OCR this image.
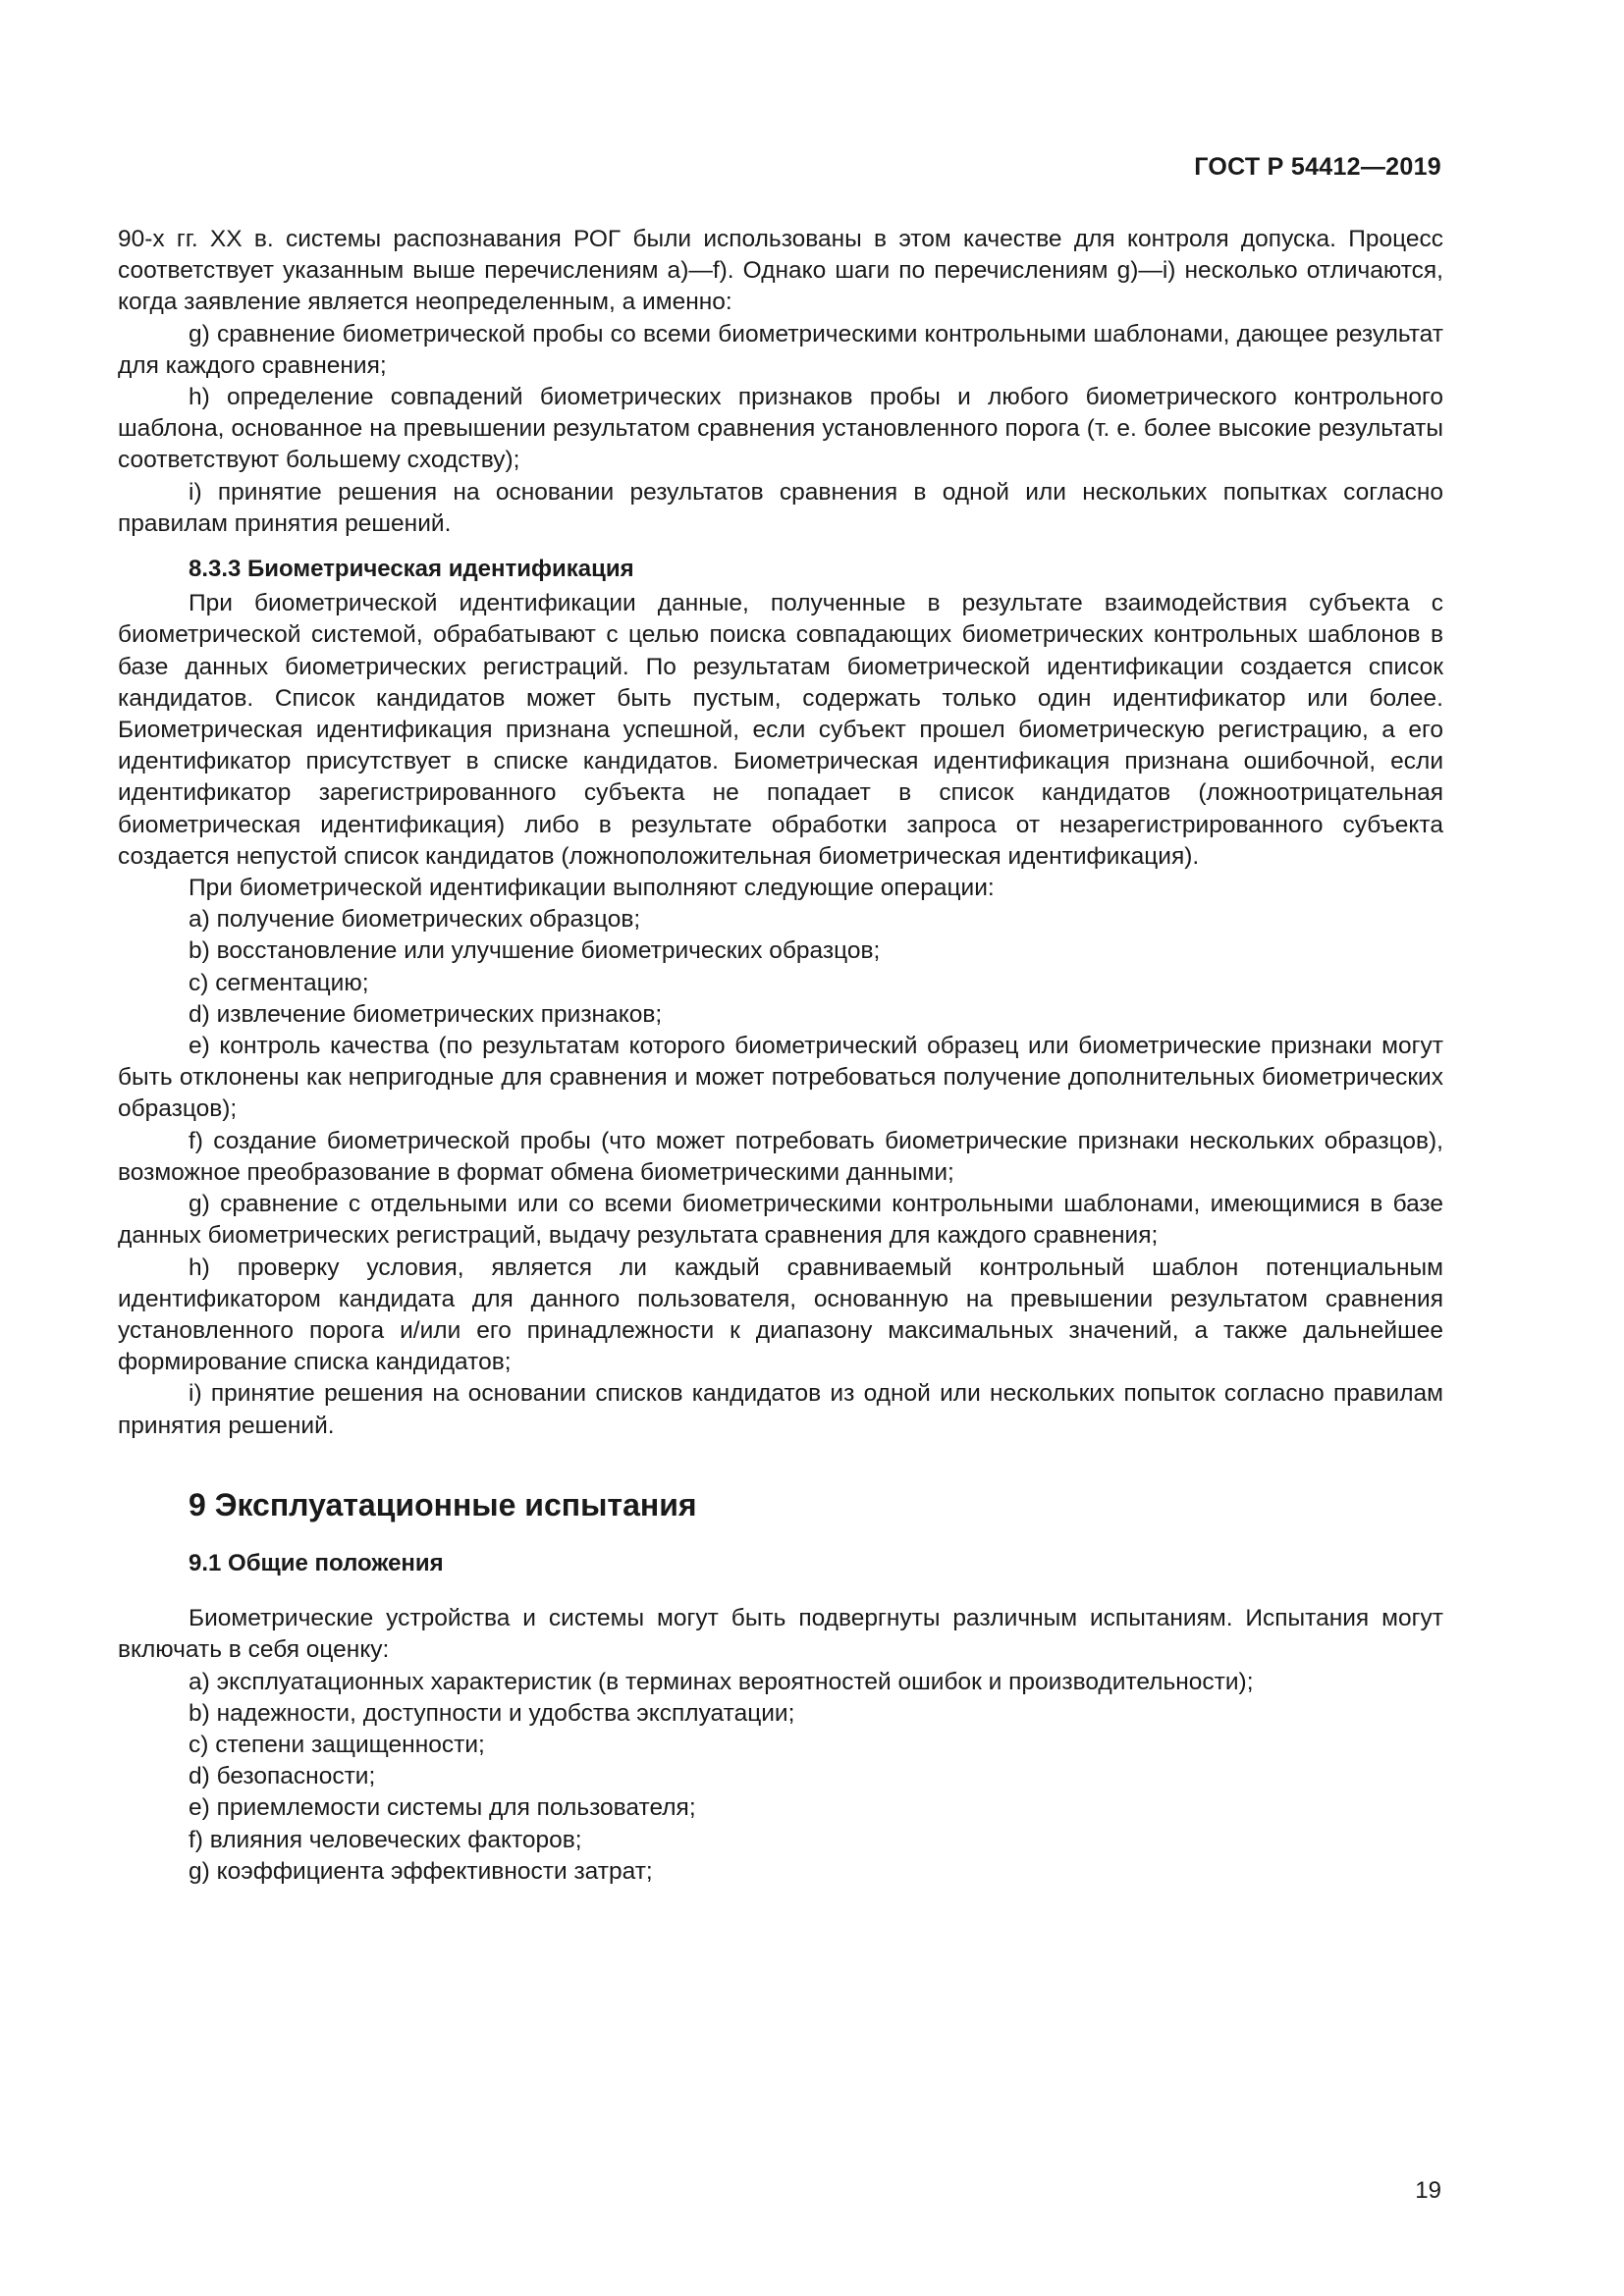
ГОСТ Р 54412—2019

90-х гг. ХХ в. системы распознавания РОГ были использованы в этом качестве для контроля допуска. Процесс соответствует указанным выше перечислениям а)—f). Однако шаги по перечислениям g)—i) несколько отличаются, когда заявление является неопределенным, а именно:

g) сравнение биометрической пробы со всеми биометрическими контрольными шаблонами, дающее результат для каждого сравнения;

h) определение совпадений биометрических признаков пробы и любого биометрического контрольного шаблона, основанное на превышении результатом сравнения установленного порога (т. е. более высокие результаты соответствуют большему сходству);

i) принятие решения на основании результатов сравнения в одной или нескольких попытках согласно правилам принятия решений.

8.3.3 Биометрическая идентификация

При биометрической идентификации данные, полученные в результате взаимодействия субъекта с биометрической системой, обрабатывают с целью поиска совпадающих биометрических контрольных шаблонов в базе данных биометрических регистраций. По результатам биометрической идентификации создается список кандидатов. Список кандидатов может быть пустым, содержать только один идентификатор или более. Биометрическая идентификация признана успешной, если субъект прошел биометрическую регистрацию, а его идентификатор присутствует в списке кандидатов. Биометрическая идентификация признана ошибочной, если идентификатор зарегистрированного субъекта не попадает в список кандидатов (ложноотрицательная биометрическая идентификация) либо в результате обработки запроса от незарегистрированного субъекта создается непустой список кандидатов (ложноположительная биометрическая идентификация).

При биометрической идентификации выполняют следующие операции:

a) получение биометрических образцов;

b) восстановление или улучшение биометрических образцов;

c) сегментацию;

d) извлечение биометрических признаков;

e) контроль качества (по результатам которого биометрический образец или биометрические признаки могут быть отклонены как непригодные для сравнения и может потребоваться получение дополнительных биометрических образцов);

f) создание биометрической пробы (что может потребовать биометрические признаки нескольких образцов), возможное преобразование в формат обмена биометрическими данными;

g) сравнение с отдельными или со всеми биометрическими контрольными шаблонами, имеющимися в базе данных биометрических регистраций, выдачу результата сравнения для каждого сравнения;

h) проверку условия, является ли каждый сравниваемый контрольный шаблон потенциальным идентификатором кандидата для данного пользователя, основанную на превышении результатом сравнения установленного порога и/или его принадлежности к диапазону максимальных значений, а также дальнейшее формирование списка кандидатов;

i) принятие решения на основании списков кандидатов из одной или нескольких попыток согласно правилам принятия решений.

9 Эксплуатационные испытания

9.1 Общие положения

Биометрические устройства и системы могут быть подвергнуты различным испытаниям. Испытания могут включать в себя оценку:

a) эксплуатационных характеристик (в терминах вероятностей ошибок и производительности);

b) надежности, доступности и удобства эксплуатации;

c) степени защищенности;

d) безопасности;

e) приемлемости системы для пользователя;

f) влияния человеческих факторов;

g) коэффициента эффективности затрат;

19
